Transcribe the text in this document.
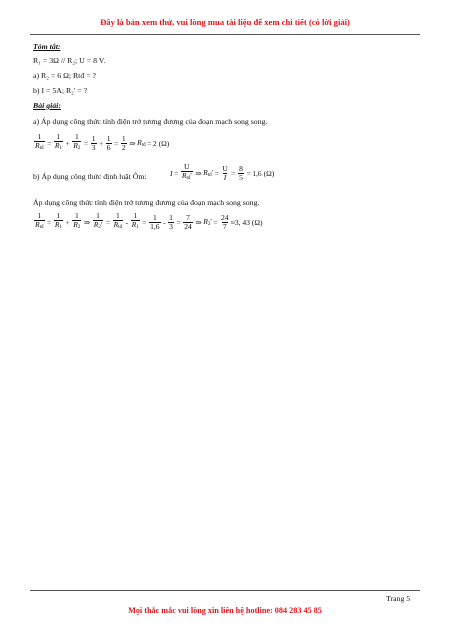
Đây là bản xem thử, vui lòng mua tài liệu để xem chi tiết (có lời giải)
Tóm tắt:
R₁ = 3Ω // R₂; U = 8 V.
a) R₂ = 6 Ω; Rtđ = ?
b) I = 5A; R₂' = ?
Bài giải:
a) Áp dụng công thức tính điện trở tương đương của đoạn mạch song song.
$\frac{1}{R_{tđ}} = \frac{1}{R_1} + \frac{1}{R_2} = \frac{1}{3} + \frac{1}{6} = \frac{1}{2}$ ⇒ $R_{tđ} = 2$ (Ω)
b) Áp dụng công thức định luật Ôm:	$I = \frac{U}{R_{tđ}'}$ ⇒ $R_{tđ}' = \frac{U}{I} = \frac{8}{5} = 1,6$ (Ω)
Áp dụng công thức tính điện trở tương đương của đoạn mạch song song.
$\frac{1}{R_{tđ}} = \frac{1}{R_1} + \frac{1}{R_2}$ ⇒ $\frac{1}{R_2'} = \frac{1}{R_{tđ}} - \frac{1}{R_1} = \frac{1}{1,6} - \frac{1}{3} = \frac{7}{24}$ ⇒ $R_2' = \frac{24}{7} \approx 3$, 43 (Ω)
Trang 5
Mọi thắc mắc vui lòng xin liên hệ hotline: 084 283 45 85
